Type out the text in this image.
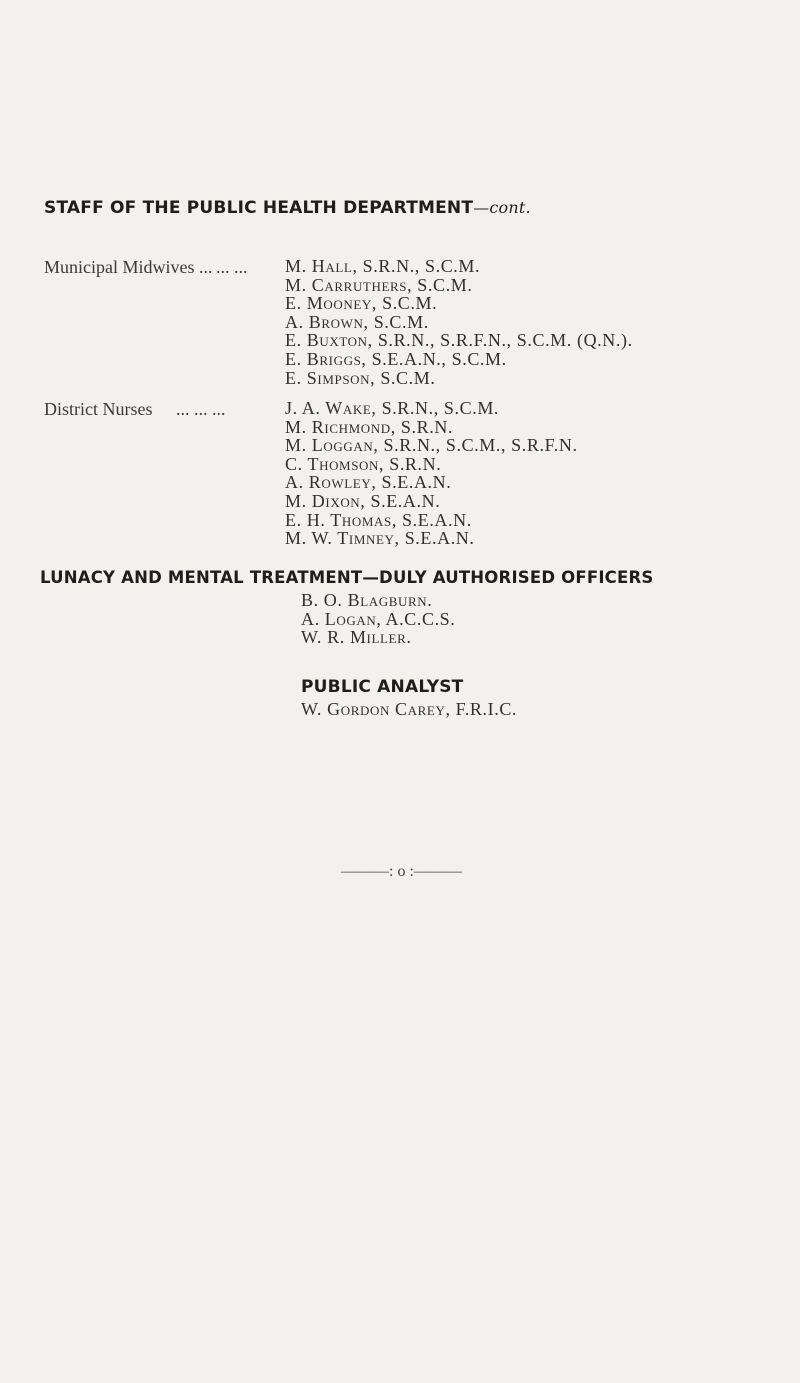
STAFF OF THE PUBLIC HEALTH DEPARTMENT—cont.
Municipal Midwives ... ... ... M. Hall, S.R.N., S.C.M.
M. Carruthers, S.C.M.
E. Mooney, S.C.M.
A. Brown, S.C.M.
E. Buxton, S.R.N., S.R.F.N., S.C.M. (Q.N.).
E. Briggs, S.E.A.N., S.C.M.
E. Simpson, S.C.M.
District Nurses ... ... ...	J. A. Wake, S.R.N., S.C.M.
M. Richmond, S.R.N.
M. Loggan, S.R.N., S.C.M., S.R.F.N.
C. Thomson, S.R.N.
A. Rowley, S.E.A.N.
M. Dixon, S.E.A.N.
E. H. Thomas, S.E.A.N.
M. W. Timney, S.E.A.N.
LUNACY AND MENTAL TREATMENT—DULY AUTHORISED OFFICERS
B. O. Blagburn.
A. Logan, A.C.C.S.
W. R. Miller.
PUBLIC ANALYST
W. Gordon Carey, F.R.I.C.
———: o :———
